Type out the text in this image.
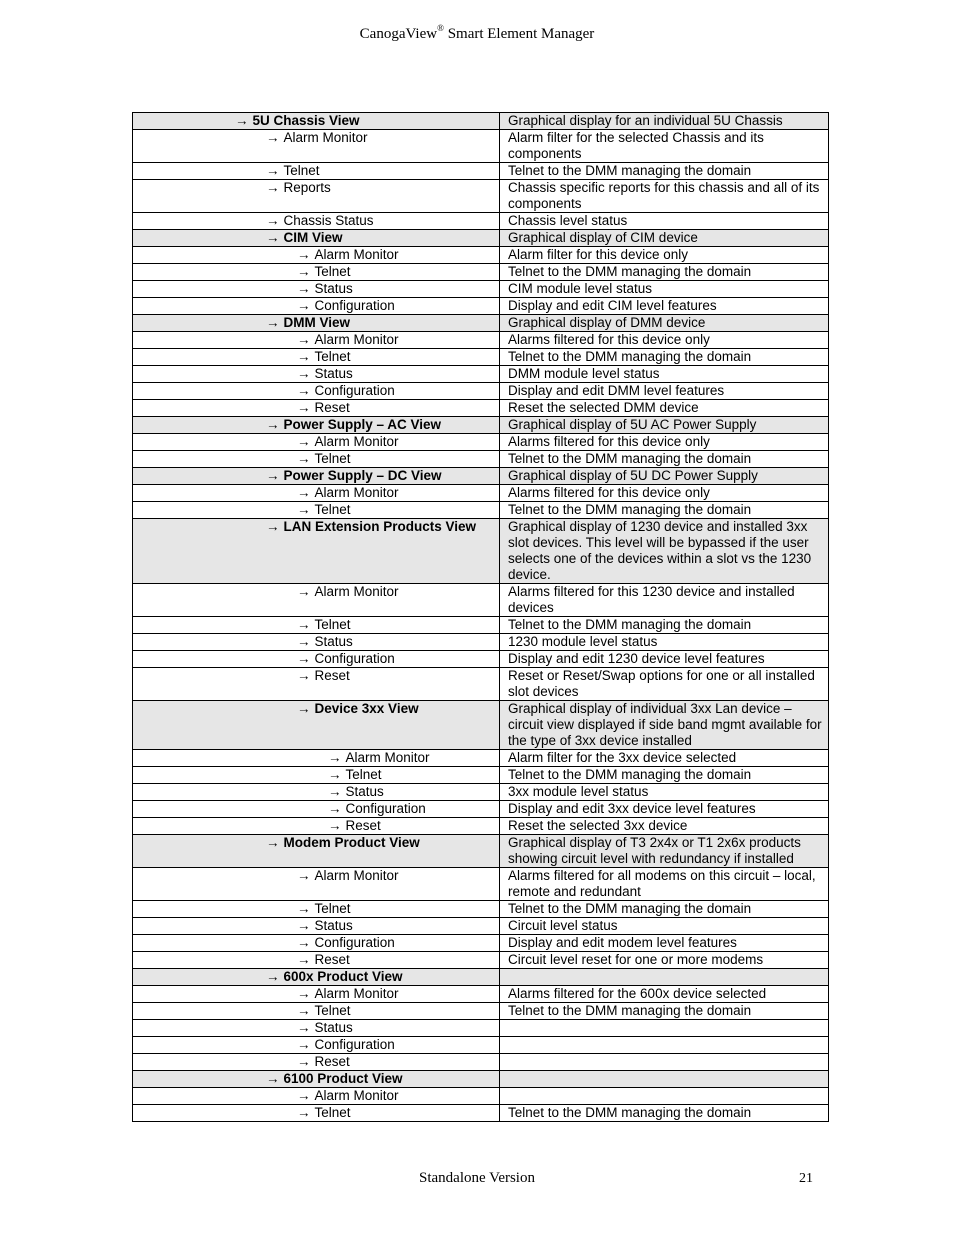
CanogaView® Smart Element Manager
→ 5U Chassis View	Graphical display for an individual 5U Chassis
→ Alarm Monitor	Alarm filter for the selected Chassis and its components
→ Telnet	Telnet to the DMM managing the domain
→ Reports	Chassis specific reports for this chassis and all of its components
→ Chassis Status	Chassis level status
→ CIM View	Graphical display of CIM device
→ Alarm Monitor	Alarm filter for this device only
→ Telnet	Telnet to the DMM managing the domain
→ Status	CIM module level status
→ Configuration	Display and edit CIM level features
→ DMM View	Graphical display of DMM device
→ Alarm Monitor	Alarms filtered for this device only
→ Telnet	Telnet to the DMM managing the domain
→ Status	DMM module level status
→ Configuration	Display and edit DMM level features
→ Reset	Reset the selected DMM device
→ Power Supply – AC View	Graphical display of 5U AC Power Supply
→ Alarm Monitor	Alarms filtered for this device only
→ Telnet	Telnet to the DMM managing the domain
→ Power Supply – DC View	Graphical display of 5U DC Power Supply
→ Alarm Monitor	Alarms filtered for this device only
→ Telnet	Telnet to the DMM managing the domain
→ LAN Extension Products View	Graphical display of 1230 device and installed 3xx slot devices. This level will be bypassed if the user selects one of the devices within a slot vs the 1230 device.
→ Alarm Monitor	Alarms filtered for this 1230 device and installed devices
→ Telnet	Telnet to the DMM managing the domain
→ Status	1230 module level status
→ Configuration	Display and edit 1230 device level features
→ Reset	Reset or Reset/Swap options for one or all installed slot devices
→ Device 3xx View	Graphical display of individual 3xx Lan device – circuit view displayed if side band mgmt available for the type of 3xx device installed
→ Alarm Monitor	Alarm filter for the 3xx device selected
→ Telnet	Telnet to the DMM managing the domain
→ Status	3xx module level status
→ Configuration	Display and edit 3xx device level features
→ Reset	Reset the selected 3xx device
→ Modem Product View	Graphical display of T3 2x4x or T1 2x6x products showing circuit level with redundancy if installed
→ Alarm Monitor	Alarms filtered for all modems on this circuit – local, remote and redundant
→ Telnet	Telnet to the DMM managing the domain
→ Status	Circuit level status
→ Configuration	Display and edit modem level features
→ Reset	Circuit level reset for one or more modems
→ 600x Product View	
→ Alarm Monitor	Alarms filtered for the 600x device selected
→ Telnet	Telnet to the DMM managing the domain
→ Status	
→ Configuration	
→ Reset	
→ 6100 Product View	
→ Alarm Monitor	
→ Telnet	Telnet to the DMM managing the domain
Standalone Version	21
